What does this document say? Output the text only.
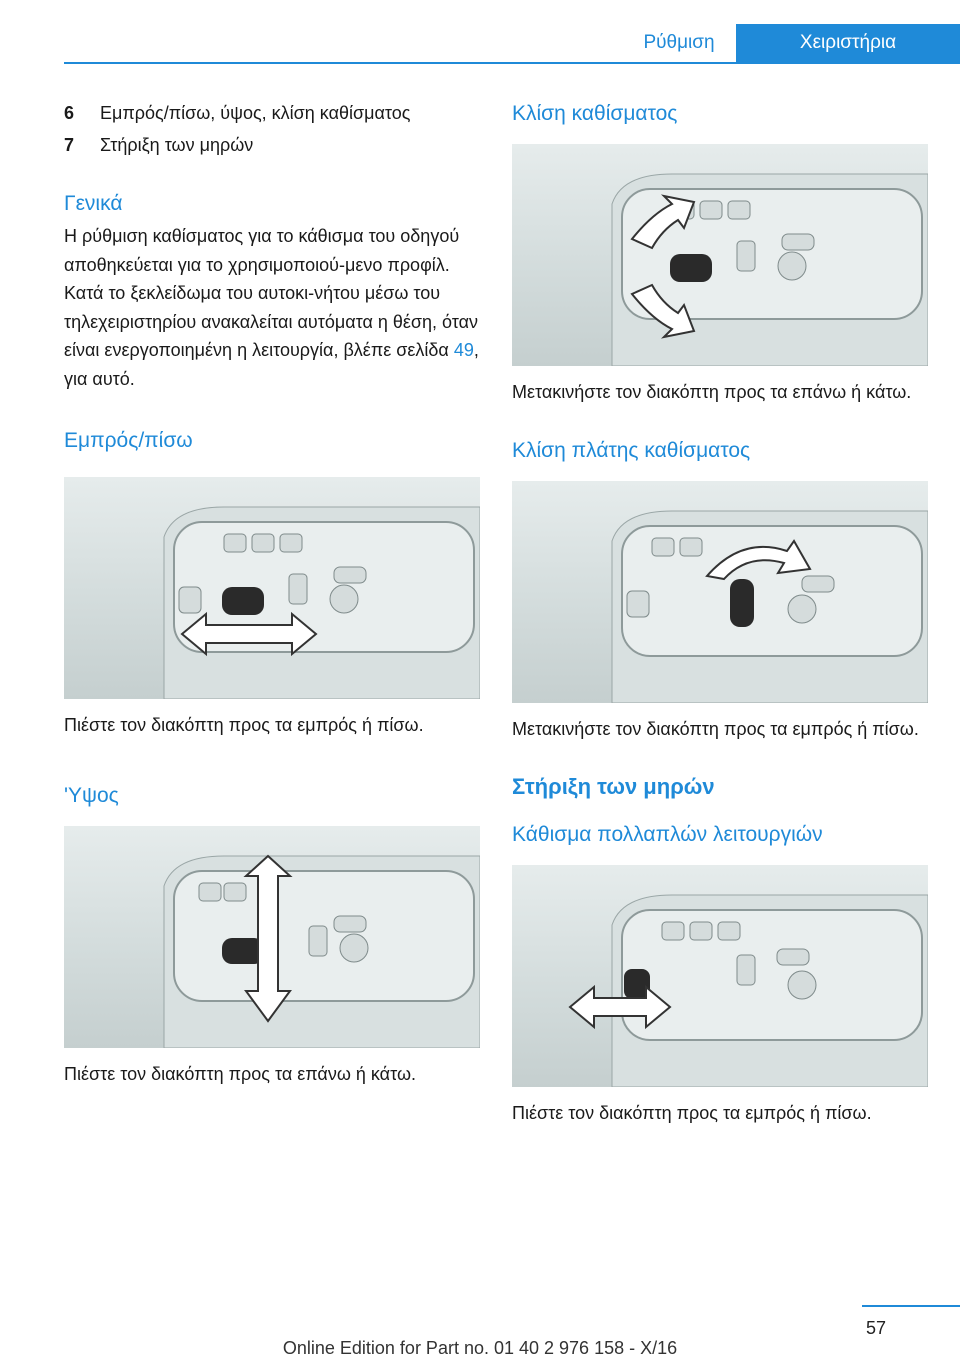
Ρύθμιση	Χειριστήρια
6	Εμπρός/πίσω, ύψος, κλίση καθίσματος
7	Στήριξη των μηρών
Γενικά

Η ρύθμιση καθίσματος για το κάθισμα του οδηγού αποθηκεύεται για το χρησιμοποιού-μενο προφίλ. Κατά το ξεκλείδωμα του αυτοκι-νήτου μέσω του τηλεχειριστηρίου ανακαλείται αυτόματα η θέση, όταν είναι ενεργοποιημένη η λειτουργία, βλέπε σελίδα 49, για αυτό.

Εμπρός/πίσω

Πιέστε τον διακόπτη προς τα εμπρός ή πίσω.

'Υψος

Πιέστε τον διακόπτη προς τα επάνω ή κάτω.

Κλίση καθίσματος

Μετακινήστε τον διακόπτη προς τα επάνω ή κάτω.

Κλίση πλάτης καθίσματος

Μετακινήστε τον διακόπτη προς τα εμπρός ή πίσω.

Στήριξη των μηρών
Κάθισμα πολλαπλών λειτουργιών

Πιέστε τον διακόπτη προς τα εμπρός ή πίσω.

57
Online Edition for Part no. 01 40 2 976 158 - X/16
